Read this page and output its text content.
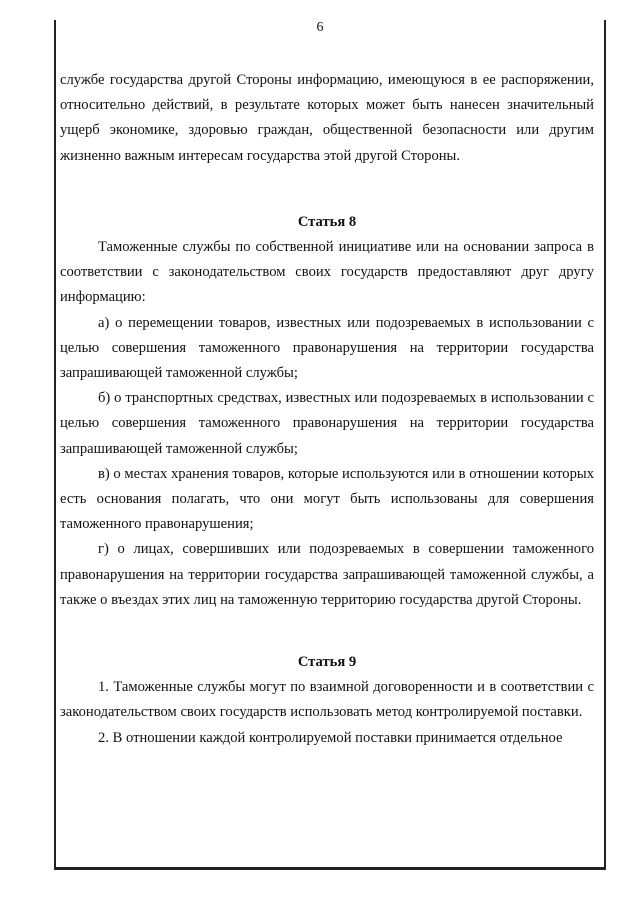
6

службе государства другой Стороны информацию, имеющуюся в ее распоряжении, относительно действий, в результате которых может быть нанесен значительный ущерб экономике, здоровью граждан, общественной безопасности или другим жизненно важным интересам государства этой другой Стороны.

Статья 8

Таможенные службы по собственной инициативе или на основании запроса в соответствии с законодательством своих государств предоставляют друг другу информацию:

а) о перемещении товаров, известных или подозреваемых в использовании с целью совершения таможенного правонарушения на территории государства запрашивающей таможенной службы;

б) о транспортных средствах, известных или подозреваемых в использовании с целью совершения таможенного правонарушения на территории государства запрашивающей таможенной службы;

в) о местах хранения товаров, которые используются или в отношении которых есть основания полагать, что они могут быть использованы для совершения таможенного правонарушения;

г) о лицах, совершивших или подозреваемых в совершении таможенного правонарушения на территории государства запрашивающей таможенной службы, а также о въездах этих лиц на таможенную территорию государства другой Стороны.

Статья 9

1. Таможенные службы могут по взаимной договоренности и в соответствии с законодательством своих государств использовать метод контролируемой поставки.

2. В отношении каждой контролируемой поставки принимается отдельное
